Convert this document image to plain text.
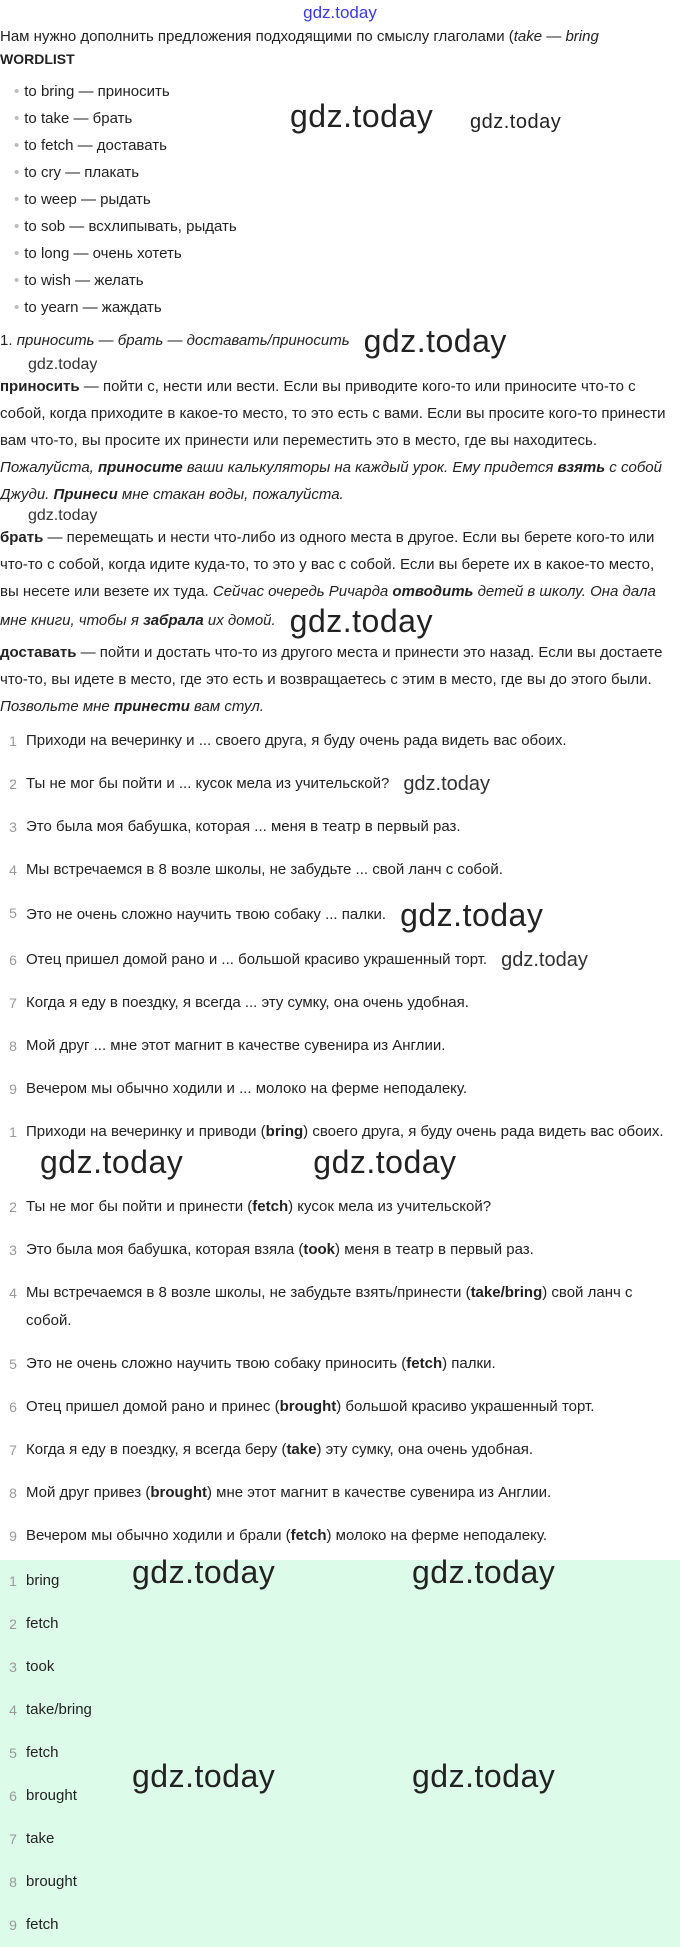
gdz.today
Нам нужно дополнить предложения подходящими по смыслу глаголами (take — bring
WORDLIST
• to bring — приносить
• to take — брать
• to fetch — доставать
• to cry — плакать
• to weep — рыдать
• to sob — всхлипывать, рыдать
• to long — очень хотеть
• to wish — желать
• to yearn — жаждать
gdz.today gdz.today
1. приносить — брать — доставать/приносить gdz.today
gdz.today
приносить — пойти с, нести или вести. Если вы приводите кого-то или приносите что-то с собой, когда приходите в какое-то место, то это есть с вами. Если вы просите кого-то принести вам что-то, вы просите их принести или переместить это в место, где вы находитесь. Пожалуйста, приносите ваши калькуляторы на каждый урок. Ему придется взять с собой Джуди. Принеси мне стакан воды, пожалуйста.
gdz.today
брать — перемещать и нести что-либо из одного места в другое. Если вы берете кого-то или что-то с собой, когда идите куда-то, то это у вас с собой. Если вы берете их в какое-то место, вы несете или везете их туда. Сейчас очередь Ричарда отводить детей в школу. Она дала мне книги, чтобы я забрала их домой. gdz.today
доставать — пойти и достать что-то из другого места и принести это назад. Если вы достаете что-то, вы идете в место, где это есть и возвращаетесь с этим в место, где вы до этого были. Позвольте мне принести вам стул.
1 Приходи на вечеринку и ... своего друга, я буду очень рада видеть вас обоих.
2 Ты не мог бы пойти и ... кусок мела из учительской? gdz.today
3 Это была моя бабушка, которая ... меня в театр в первый раз.
4 Мы встречаемся в 8 возле школы, не забудьте ... свой ланч с собой.
5 Это не очень сложно научить твою собаку ... палки. gdz.today
6 Отец пришел домой рано и ... большой красиво украшенный торт. gdz.today
7 Когда я еду в поездку, я всегда ... эту сумку, она очень удобная.
8 Мой друг ... мне этот магнит в качестве сувенира из Англии.
9 Вечером мы обычно ходили и ... молоко на ферме неподалеку.
1 Приходи на вечеринку и приводи (bring) своего друга, я буду очень рада видеть вас обоих.gdz.today	gdz.today
2 Ты не мог бы пойти и принести (fetch) кусок мела из учительской?
3 Это была моя бабушка, которая взяла (took) меня в театр в первый раз.
4 Мы встречаемся в 8 возле школы, не забудьте взять/принести (take/bring) свой ланч с собой.
5 Это не очень сложно научить твою собаку приносить (fetch) палки.
6 Отец пришел домой рано и принес (brought) большой красиво украшенный торт.
7 Когда я еду в поездку, я всегда беру (take) эту сумку, она очень удобная.
8 Мой друг привез (brought) мне этот магнит в качестве сувенира из Англии.
9 Вечером мы обычно ходили и брали (fetch) молоко на ферме неподалеку.
1 bring
2 fetch
3 took
4 take/bring
5 fetch
6 brought
7 take
8 brought
9 fetch
gdz.today	gdz.today
gdz.today	gdz.today
